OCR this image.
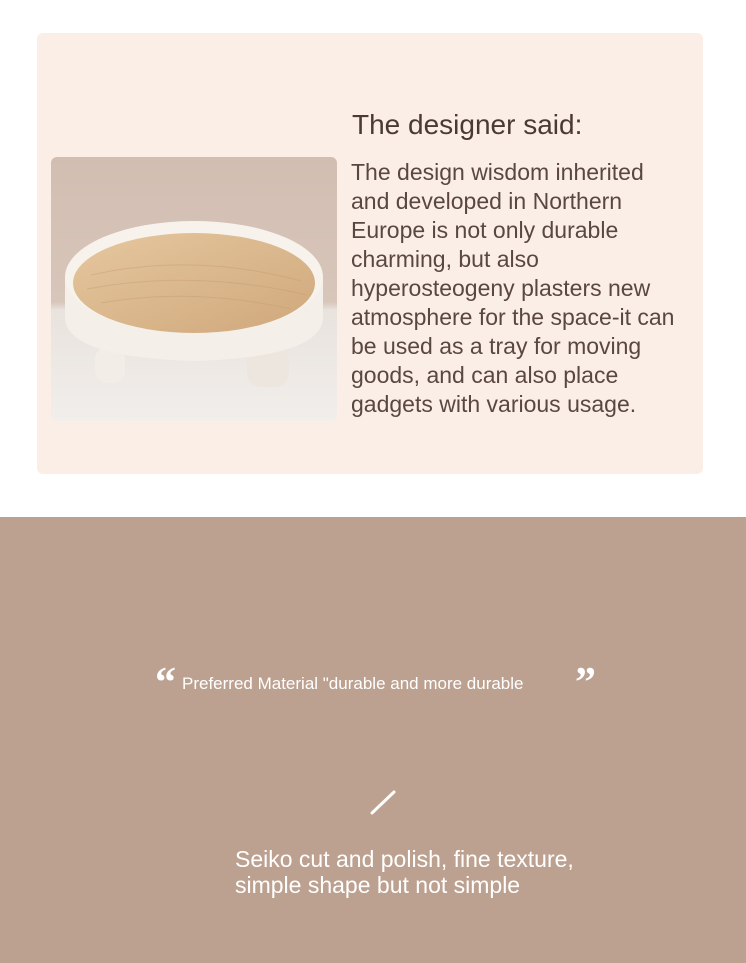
The designer said:

The design wisdom inherited
and developed in Northern
Europe is not only durable
charming, but also
hyperosteogeny plasters new
atmosphere for the space-it can
be used as a tray for moving
goods, and can also place
gadgets with various usage.

“ Preferred Material "durable and more durable ”

Seiko cut and polish, fine texture,
simple shape but not simple
